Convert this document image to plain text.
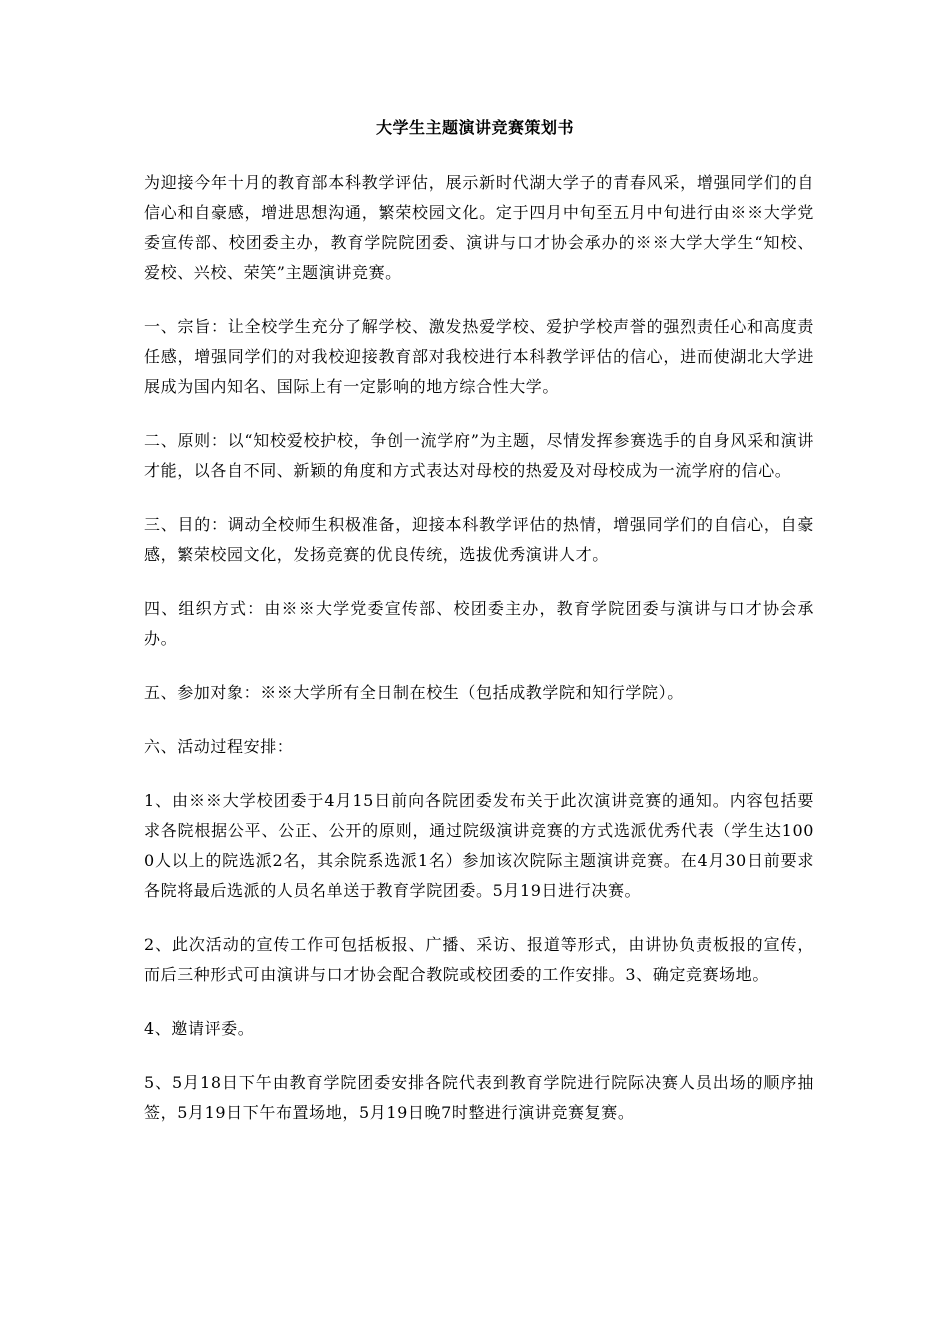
大学生主题演讲竞赛策划书

为迎接今年十月的教育部本科教学评估，展示新时代湖大学子的青春风采，增强同学们的自信心和自豪感，增进思想沟通，繁荣校园文化。定于四月中旬至五月中旬进行由※※大学党委宣传部、校团委主办，教育学院院团委、演讲与口才协会承办的※※大学大学生“知校、爱校、兴校、荣笑”主题演讲竞赛。

一、宗旨：让全校学生充分了解学校、激发热爱学校、爱护学校声誉的强烈责任心和高度责任感，增强同学们的对我校迎接教育部对我校进行本科教学评估的信心，进而使湖北大学进展成为国内知名、国际上有一定影响的地方综合性大学。

二、原则：以“知校爱校护校，争创一流学府”为主题，尽情发挥参赛选手的自身风采和演讲才能，以各自不同、新颖的角度和方式表达对母校的热爱及对母校成为一流学府的信心。

三、目的：调动全校师生积极准备，迎接本科教学评估的热情，增强同学们的自信心，自豪感，繁荣校园文化，发扬竞赛的优良传统，选拔优秀演讲人才。

四、组织方式：由※※大学党委宣传部、校团委主办，教育学院团委与演讲与口才协会承办。

五、参加对象：※※大学所有全日制在校生（包括成教学院和知行学院）。

六、活动过程安排：

1、由※※大学校团委于4月15日前向各院团委发布关于此次演讲竞赛的通知。内容包括要求各院根据公平、公正、公开的原则，通过院级演讲竞赛的方式选派优秀代表（学生达1000人以上的院选派2名，其余院系选派1名）参加该次院际主题演讲竞赛。在4月30日前要求各院将最后选派的人员名单送于教育学院团委。5月19日进行决赛。

2、此次活动的宣传工作可包括板报、广播、采访、报道等形式，由讲协负责板报的宣传，而后三种形式可由演讲与口才协会配合教院或校团委的工作安排。3、确定竞赛场地。

4、邀请评委。

5、5月18日下午由教育学院团委安排各院代表到教育学院进行院际决赛人员出场的顺序抽签，5月19日下午布置场地，5月19日晚7时整进行演讲竞赛复赛。
